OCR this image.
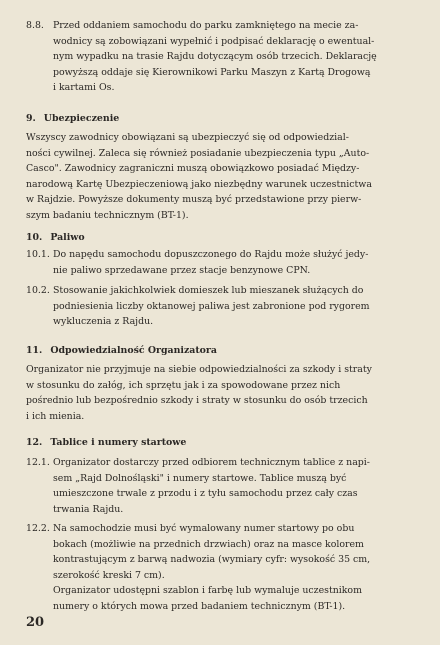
8.8. Przed oddaniem samochodu do parku zamkniętego na mecie za-
wodnicy są zobowiązani wypełnić i podpisać deklarację o ewentual-
nym wypadku na trasie Rajdu dotyczącym osób trzecich. Deklarację
powyższą oddaje się Kierownikowi Parku Maszyn z Kartą Drogową
i kartami Os.

9. Ubezpieczenie

Wszyscy zawodnicy obowiązani są ubezpieczyć się od odpowiedzial-
ności cywilnej. Zaleca się również posiadanie ubezpieczenia typu „Auto-
Casco". Zawodnicy zagraniczni muszą obowiązkowo posiadać Między-
narodową Kartę Ubezpieczeniową jako niezbędny warunek uczestnictwa
w Rajdzie. Powyższe dokumenty muszą być przedstawione przy pierw-
szym badaniu technicznym (BT-1).

10. Paliwo

10.1. Do napędu samochodu dopuszczonego do Rajdu może służyć jedy-
nie paliwo sprzedawane przez stacje benzynowe CPN.
10.2. Stosowanie jakichkolwiek domieszek lub mieszanek służących do
podniesienia liczby oktanowej paliwa jest zabronione pod rygorem
wykluczenia z Rajdu.

11. Odpowiedzialność Organizatora

Organizator nie przyjmuje na siebie odpowiedzialności za szkody i straty
w stosunku do załóg, ich sprzętu jak i za spowodowane przez nich
pośrednio lub bezpośrednio szkody i straty w stosunku do osób trzecich
i ich mienia.

12. Tablice i numery startowe

12.1. Organizator dostarczy przed odbiorem technicznym tablice z napi-
sem „Rajd Dolnośląski" i numery startowe. Tablice muszą być
umieszczone trwale z przodu i z tyłu samochodu przez cały czas
trwania Rajdu.
12.2. Na samochodzie musi być wymalowany numer startowy po obu
bokach (możliwie na przednich drzwiach) oraz na masce kolorem
kontrastującym z barwą nadwozia (wymiary cyfr: wysokość 35 cm,
szerokość kreski 7 cm).
Organizator udostępni szablon i farbę lub wymaluje uczestnikom
numery o których mowa przed badaniem technicznym (BT-1).
20
